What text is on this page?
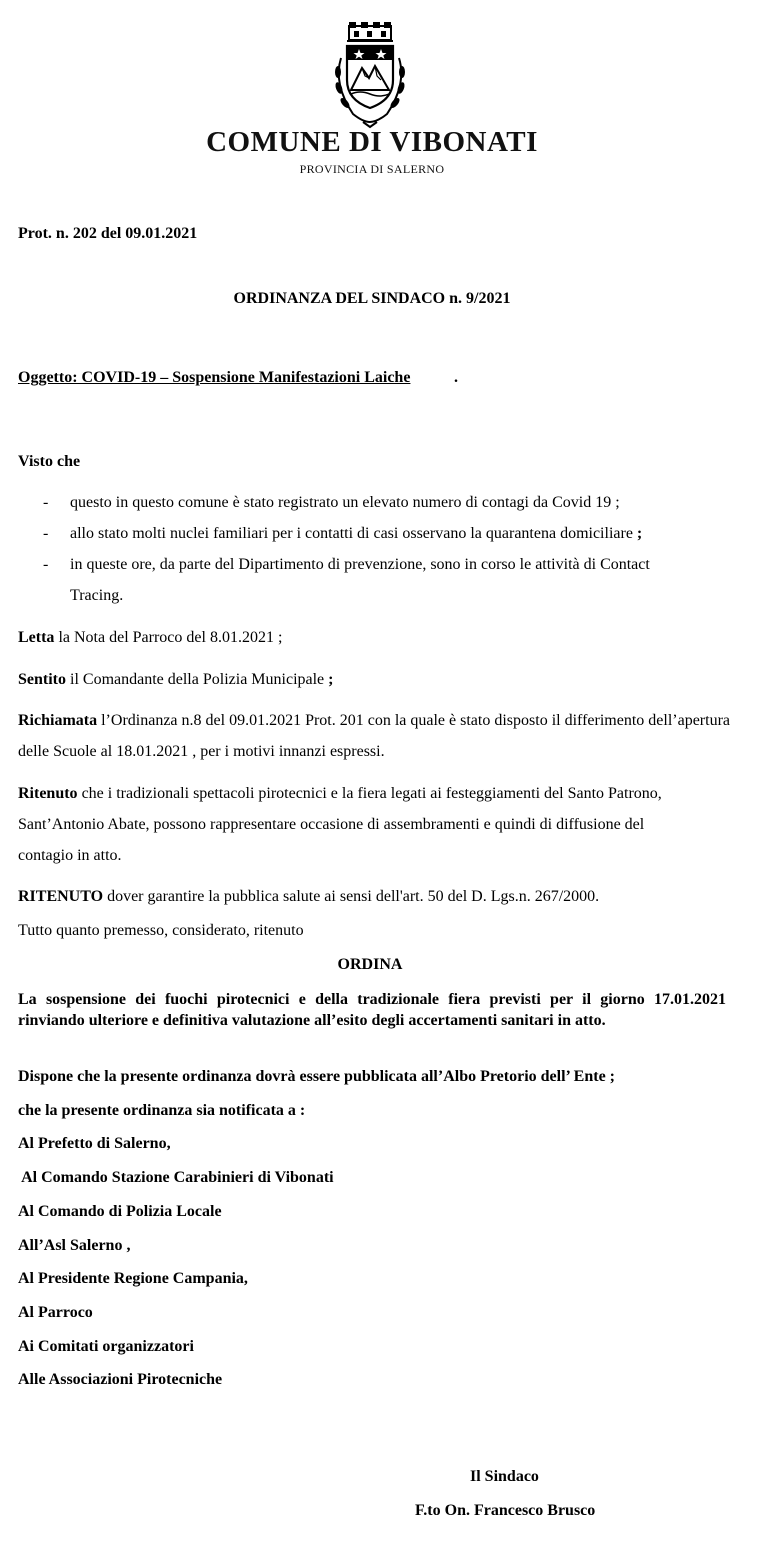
COMUNE DI VIBONATI
PROVINCIA DI SALERNO
Prot. n. 202 del 09.01.2021
ORDINANZA DEL SINDACO n. 9/2021
Oggetto: COVID-19 – Sospensione Manifestazioni Laiche	.
Visto che
- questo in questo comune è stato registrato un elevato numero di contagi da Covid 19 ;
- allo stato molti nuclei familiari per i contatti di casi osservano la quarantena domiciliare ;
- in queste ore, da parte del Dipartimento di prevenzione, sono in corso le attività di Contact
Tracing.
Letta la Nota del Parroco del 8.01.2021 ;
Sentito il Comandante della Polizia Municipale ;
Richiamata l’Ordinanza n.8 del 09.01.2021 Prot. 201 con la quale è stato disposto il differimento dell’apertura delle Scuole al 18.01.2021 , per i motivi innanzi espressi.
Ritenuto che i tradizionali spettacoli pirotecnici e la fiera legati ai festeggiamenti del Santo Patrono, Sant’Antonio Abate, possono rappresentare occasione di assembramenti e quindi di diffusione del contagio in atto.
RITENUTO dover garantire la pubblica salute ai sensi dell'art. 50 del D. Lgs.n. 267/2000.
Tutto quanto premesso, considerato, ritenuto
ORDINA
La sospensione dei fuochi pirotecnici e della tradizionale fiera previsti per il giorno 17.01.2021 rinviando ulteriore e definitiva valutazione all’esito degli accertamenti sanitari in atto.
Dispone che la presente ordinanza dovrà essere pubblicata all’Albo Pretorio dell’ Ente ;
che la presente ordinanza sia notificata a :
Al Prefetto di Salerno,
Al Comando Stazione Carabinieri di Vibonati
Al Comando di Polizia Locale
All’Asl Salerno ,
Al Presidente Regione Campania,
Al Parroco
Ai Comitati organizzatori
Alle Associazioni Pirotecniche
Il Sindaco
F.to On. Francesco Brusco
